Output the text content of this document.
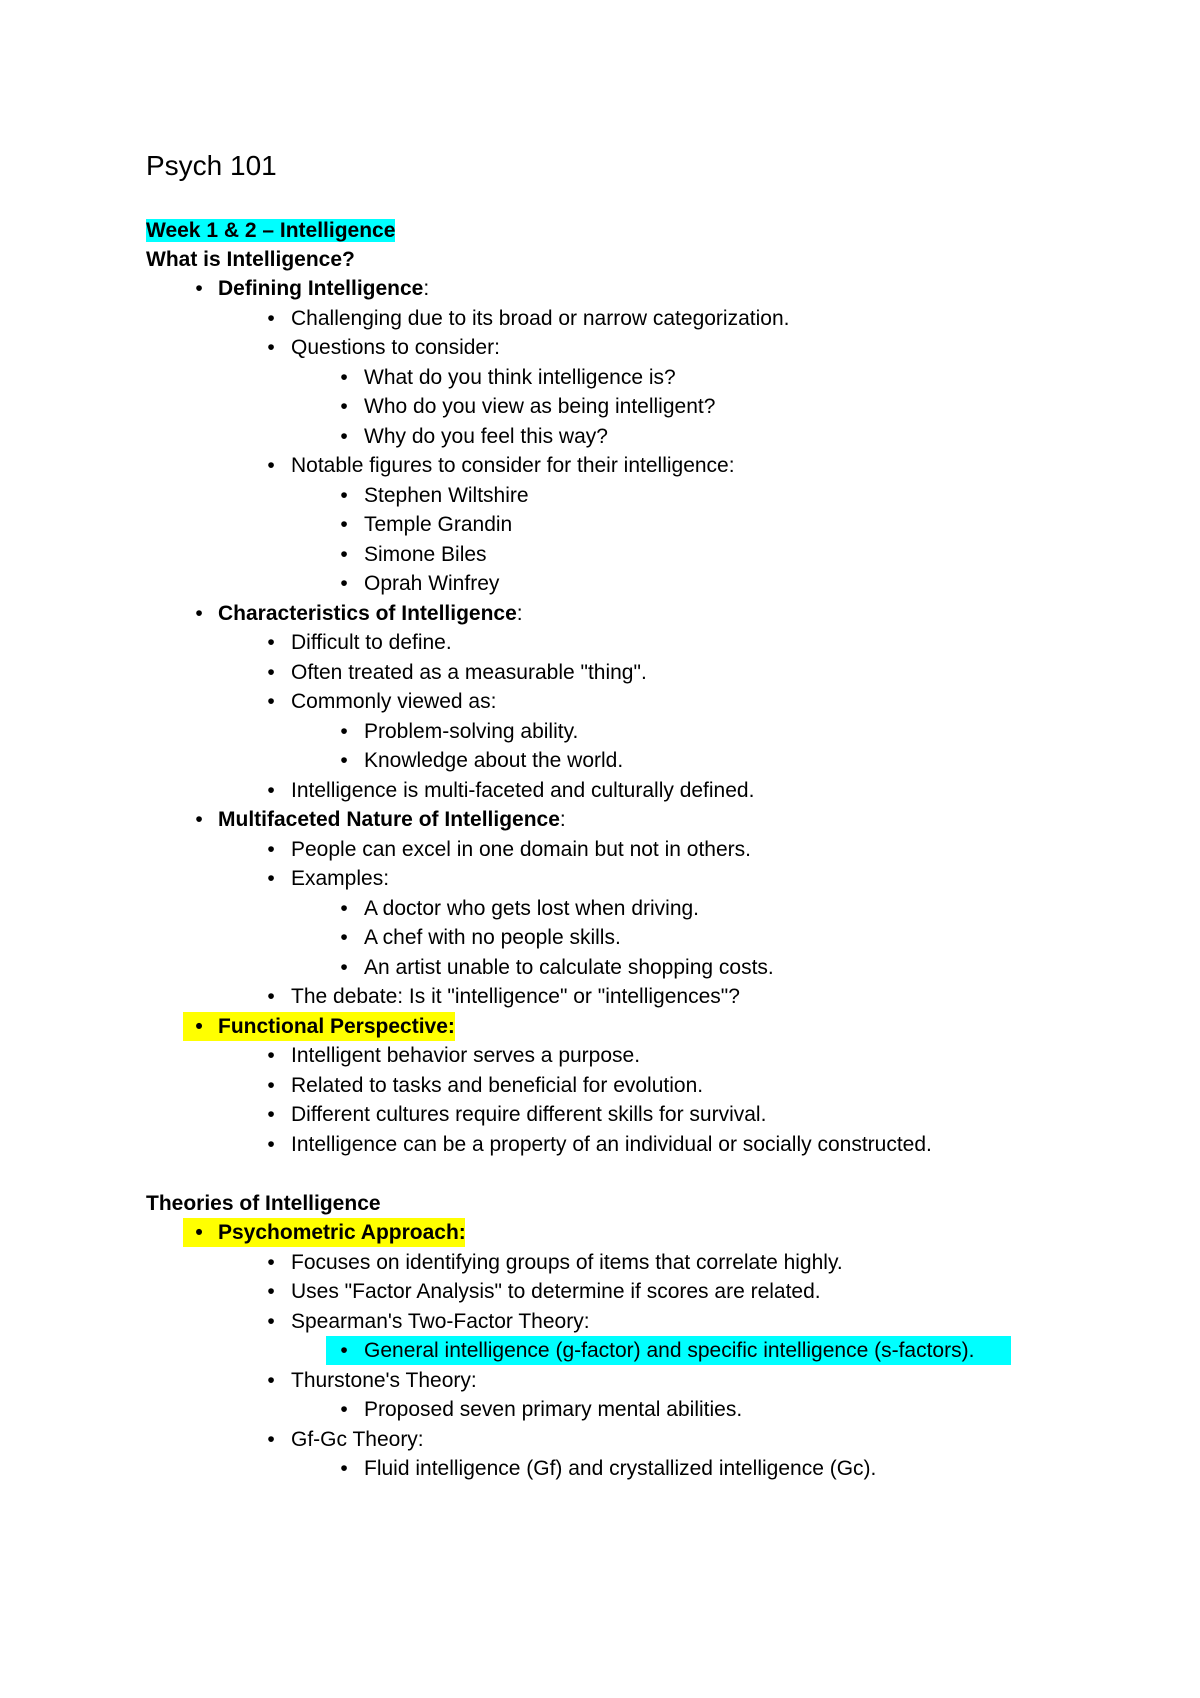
Psych 101
Week 1 & 2 – Intelligence
What is Intelligence?
• Defining Intelligence:
• Challenging due to its broad or narrow categorization.
• Questions to consider:
• What do you think intelligence is?
• Who do you view as being intelligent?
• Why do you feel this way?
• Notable figures to consider for their intelligence:
• Stephen Wiltshire
• Temple Grandin
• Simone Biles
• Oprah Winfrey
• Characteristics of Intelligence:
• Difficult to define.
• Often treated as a measurable "thing".
• Commonly viewed as:
• Problem-solving ability.
• Knowledge about the world.
• Intelligence is multi-faceted and culturally defined.
• Multifaceted Nature of Intelligence:
• People can excel in one domain but not in others.
• Examples:
• A doctor who gets lost when driving.
• A chef with no people skills.
• An artist unable to calculate shopping costs.
• The debate: Is it "intelligence" or "intelligences"?
• Functional Perspective:
• Intelligent behavior serves a purpose.
• Related to tasks and beneficial for evolution.
• Different cultures require different skills for survival.
• Intelligence can be a property of an individual or socially constructed.
Theories of Intelligence
• Psychometric Approach:
• Focuses on identifying groups of items that correlate highly.
• Uses "Factor Analysis" to determine if scores are related.
• Spearman's Two-Factor Theory:
• General intelligence (g-factor) and specific intelligence (s-factors).
• Thurstone's Theory:
• Proposed seven primary mental abilities.
• Gf-Gc Theory:
• Fluid intelligence (Gf) and crystallized intelligence (Gc).
